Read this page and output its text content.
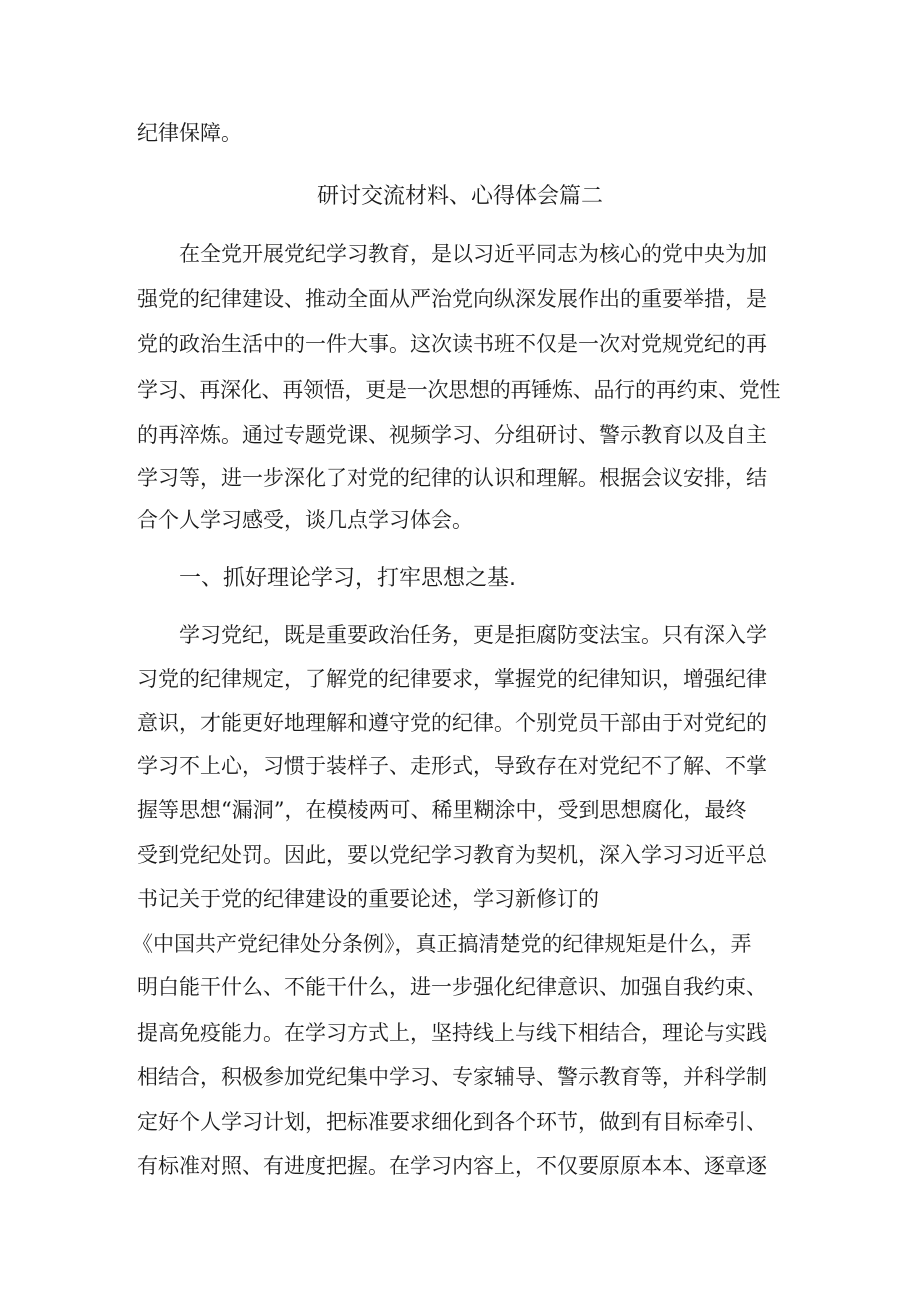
纪律保障。
研讨交流材料、心得体会篇二
在全党开展党纪学习教育，是以习近平同志为核心的党中央为加
强党的纪律建设、推动全面从严治党向纵深发展作出的重要举措，是
党的政治生活中的一件大事。这次读书班不仅是一次对党规党纪的再
学习、再深化、再领悟，更是一次思想的再锤炼、品行的再约束、党性
的再淬炼。通过专题党课、视频学习、分组研讨、警示教育以及自主
学习等，进一步深化了对党的纪律的认识和理解。根据会议安排，结
合个人学习感受，谈几点学习体会。
一、抓好理论学习，打牢思想之基.
学习党纪，既是重要政治任务，更是拒腐防变法宝。只有深入学
习党的纪律规定，了解党的纪律要求，掌握党的纪律知识，增强纪律
意识，才能更好地理解和遵守党的纪律。个别党员干部由于对党纪的
学习不上心，习惯于装样子、走形式，导致存在对党纪不了解、不掌
握等思想“漏洞”，在模棱两可、稀里糊涂中，受到思想腐化，最终
受到党纪处罚。因此，要以党纪学习教育为契机，深入学习习近平总
书记关于党的纪律建设的重要论述，学习新修订的
《中国共产党纪律处分条例》，真正搞清楚党的纪律规矩是什么，弄
明白能干什么、不能干什么，进一步强化纪律意识、加强自我约束、
提高免疫能力。在学习方式上，坚持线上与线下相结合，理论与实践
相结合，积极参加党纪集中学习、专家辅导、警示教育等，并科学制
定好个人学习计划，把标准要求细化到各个环节，做到有目标牵引、
有标准对照、有进度把握。在学习内容上，不仅要原原本本、逐章逐
